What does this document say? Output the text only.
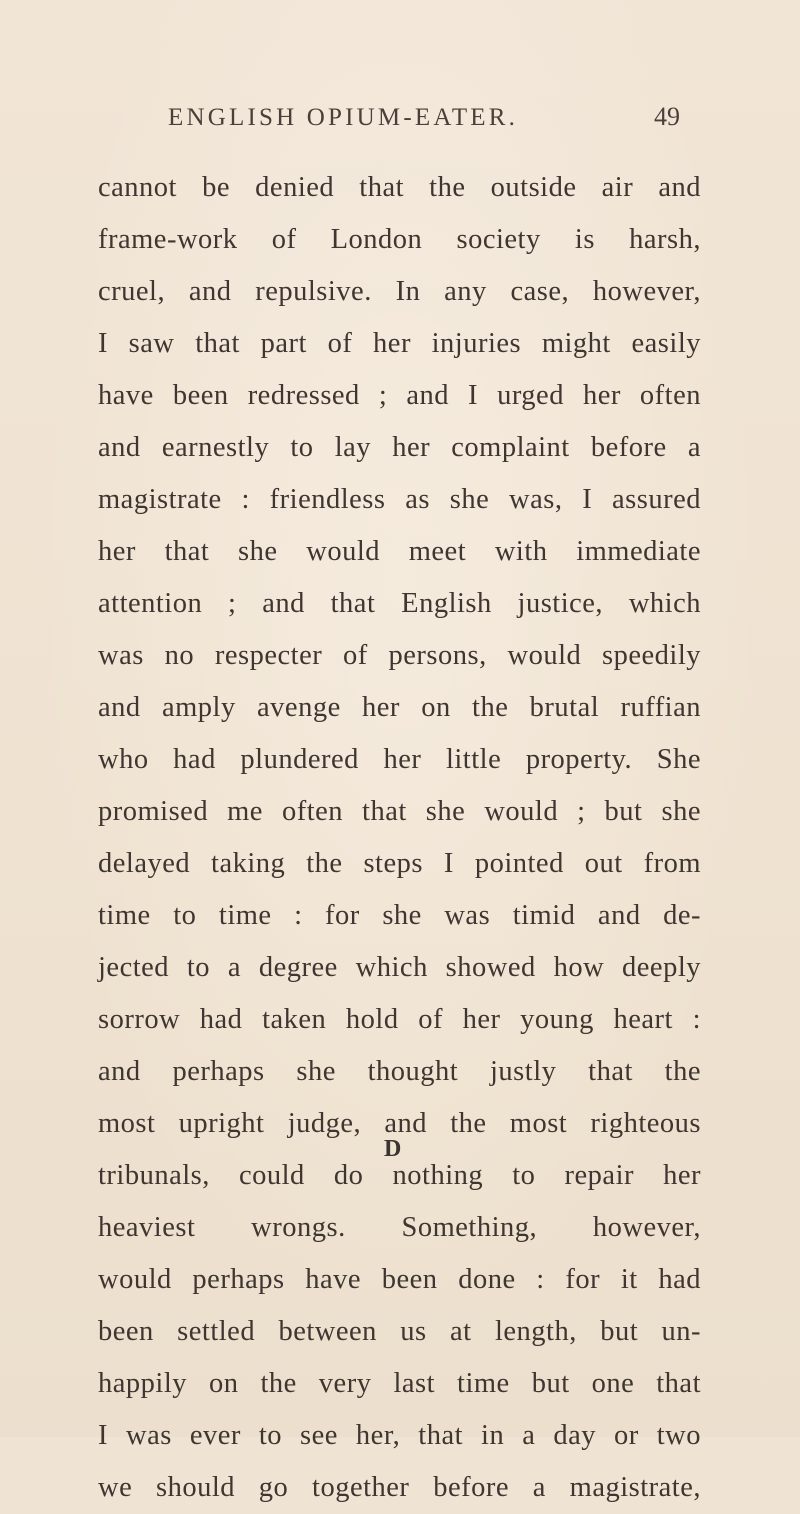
ENGLISH OPIUM-EATER.	49
cannot be denied that the outside air and
frame-work of London society is harsh,
cruel, and repulsive. In any case, however,
I saw that part of her injuries might easily
have been redressed ; and I urged her often
and earnestly to lay her complaint before a
magistrate : friendless as she was, I assured
her that she would meet with immediate
attention ; and that English justice, which
was no respecter of persons, would speedily
and amply avenge her on the brutal ruffian
who had plundered her little property. She
promised me often that she would ; but she
delayed taking the steps I pointed out from
time to time : for she was timid and de-
jected to a degree which showed how deeply
sorrow had taken hold of her young heart :
and perhaps she thought justly that the
most upright judge, and the most righteous
tribunals, could do nothing to repair her
heaviest wrongs. Something, however,
would perhaps have been done : for it had
been settled between us at length, but un-
happily on the very last time but one that
I was ever to see her, that in a day or two
we should go together before a magistrate,
D
